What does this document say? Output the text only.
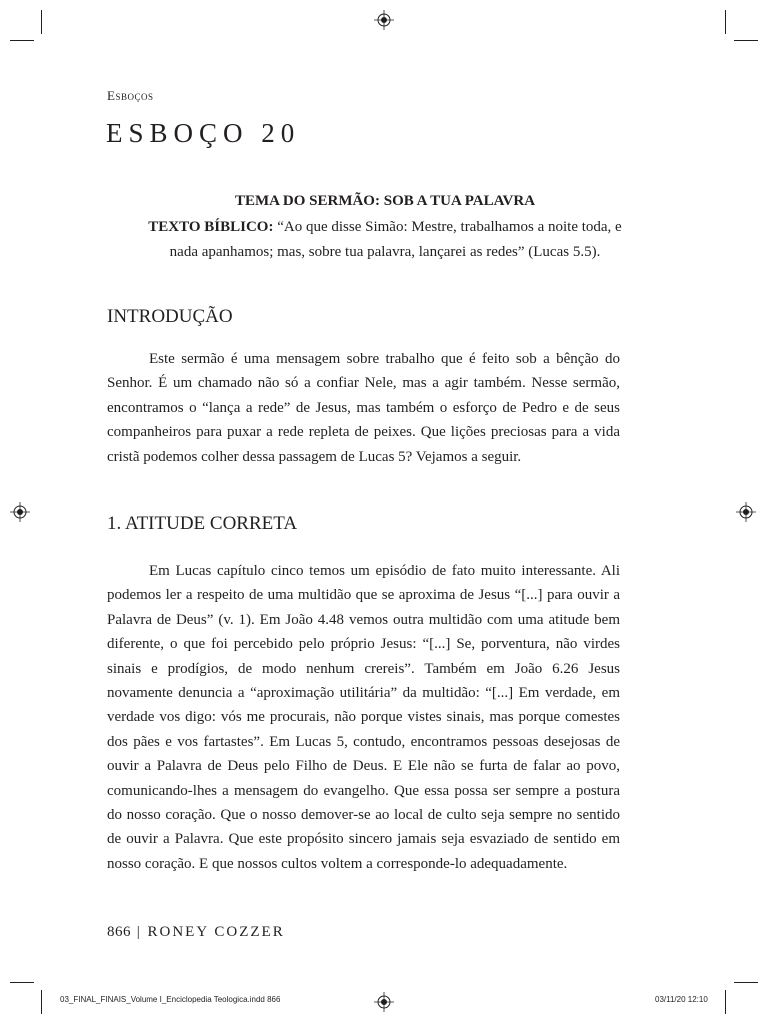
Esboços
ESBOÇO 20
TEMA DO SERMÃO: SOB A TUA PALAVRA
TEXTO BÍBLICO: “Ao que disse Simão: Mestre, trabalhamos a noite toda, e
nada apanhamos; mas, sobre tua palavra, lançarei as redes” (Lucas 5.5).
INTRODUÇÃO
Este sermão é uma mensagem sobre trabalho que é feito sob a bênção do Senhor. É um chamado não só a confiar Nele, mas a agir também. Nesse sermão, encontramos o “lança a rede” de Jesus, mas também o esforço de Pedro e de seus companheiros para puxar a rede repleta de peixes. Que lições preciosas para a vida cristã podemos colher dessa passagem de Lucas 5? Vejamos a seguir.
1. ATITUDE CORRETA
Em Lucas capítulo cinco temos um episódio de fato muito interessante. Ali podemos ler a respeito de uma multidão que se aproxima de Jesus “[...] para ouvir a Palavra de Deus” (v. 1). Em João 4.48 vemos outra multidão com uma atitude bem diferente, o que foi percebido pelo próprio Jesus: “[...] Se, porventura, não virdes sinais e prodígios, de modo nenhum crereis”. Também em João 6.26 Jesus novamente denuncia a “aproximação utilitária” da multidão: “[...] Em verdade, em verdade vos digo: vós me procurais, não porque vistes sinais, mas porque comestes dos pães e vos fartastes”. Em Lucas 5, contudo, encontramos pessoas desejosas de ouvir a Palavra de Deus pelo Filho de Deus. E Ele não se furta de falar ao povo, comunicando-lhes a mensagem do evangelho. Que essa possa ser sempre a postura do nosso coração. Que o nosso demover-se ao local de culto seja sempre no sentido de ouvir a Palavra. Que este propósito sincero jamais seja esvaziado de sentido em nosso coração. E que nossos cultos voltem a corresponde-lo adequadamente.
866 | RONEY COZZER
03_FINAL_FINAIS_Volume I_Enciclopedia Teologica.indd 866	03/11/20 12:10
